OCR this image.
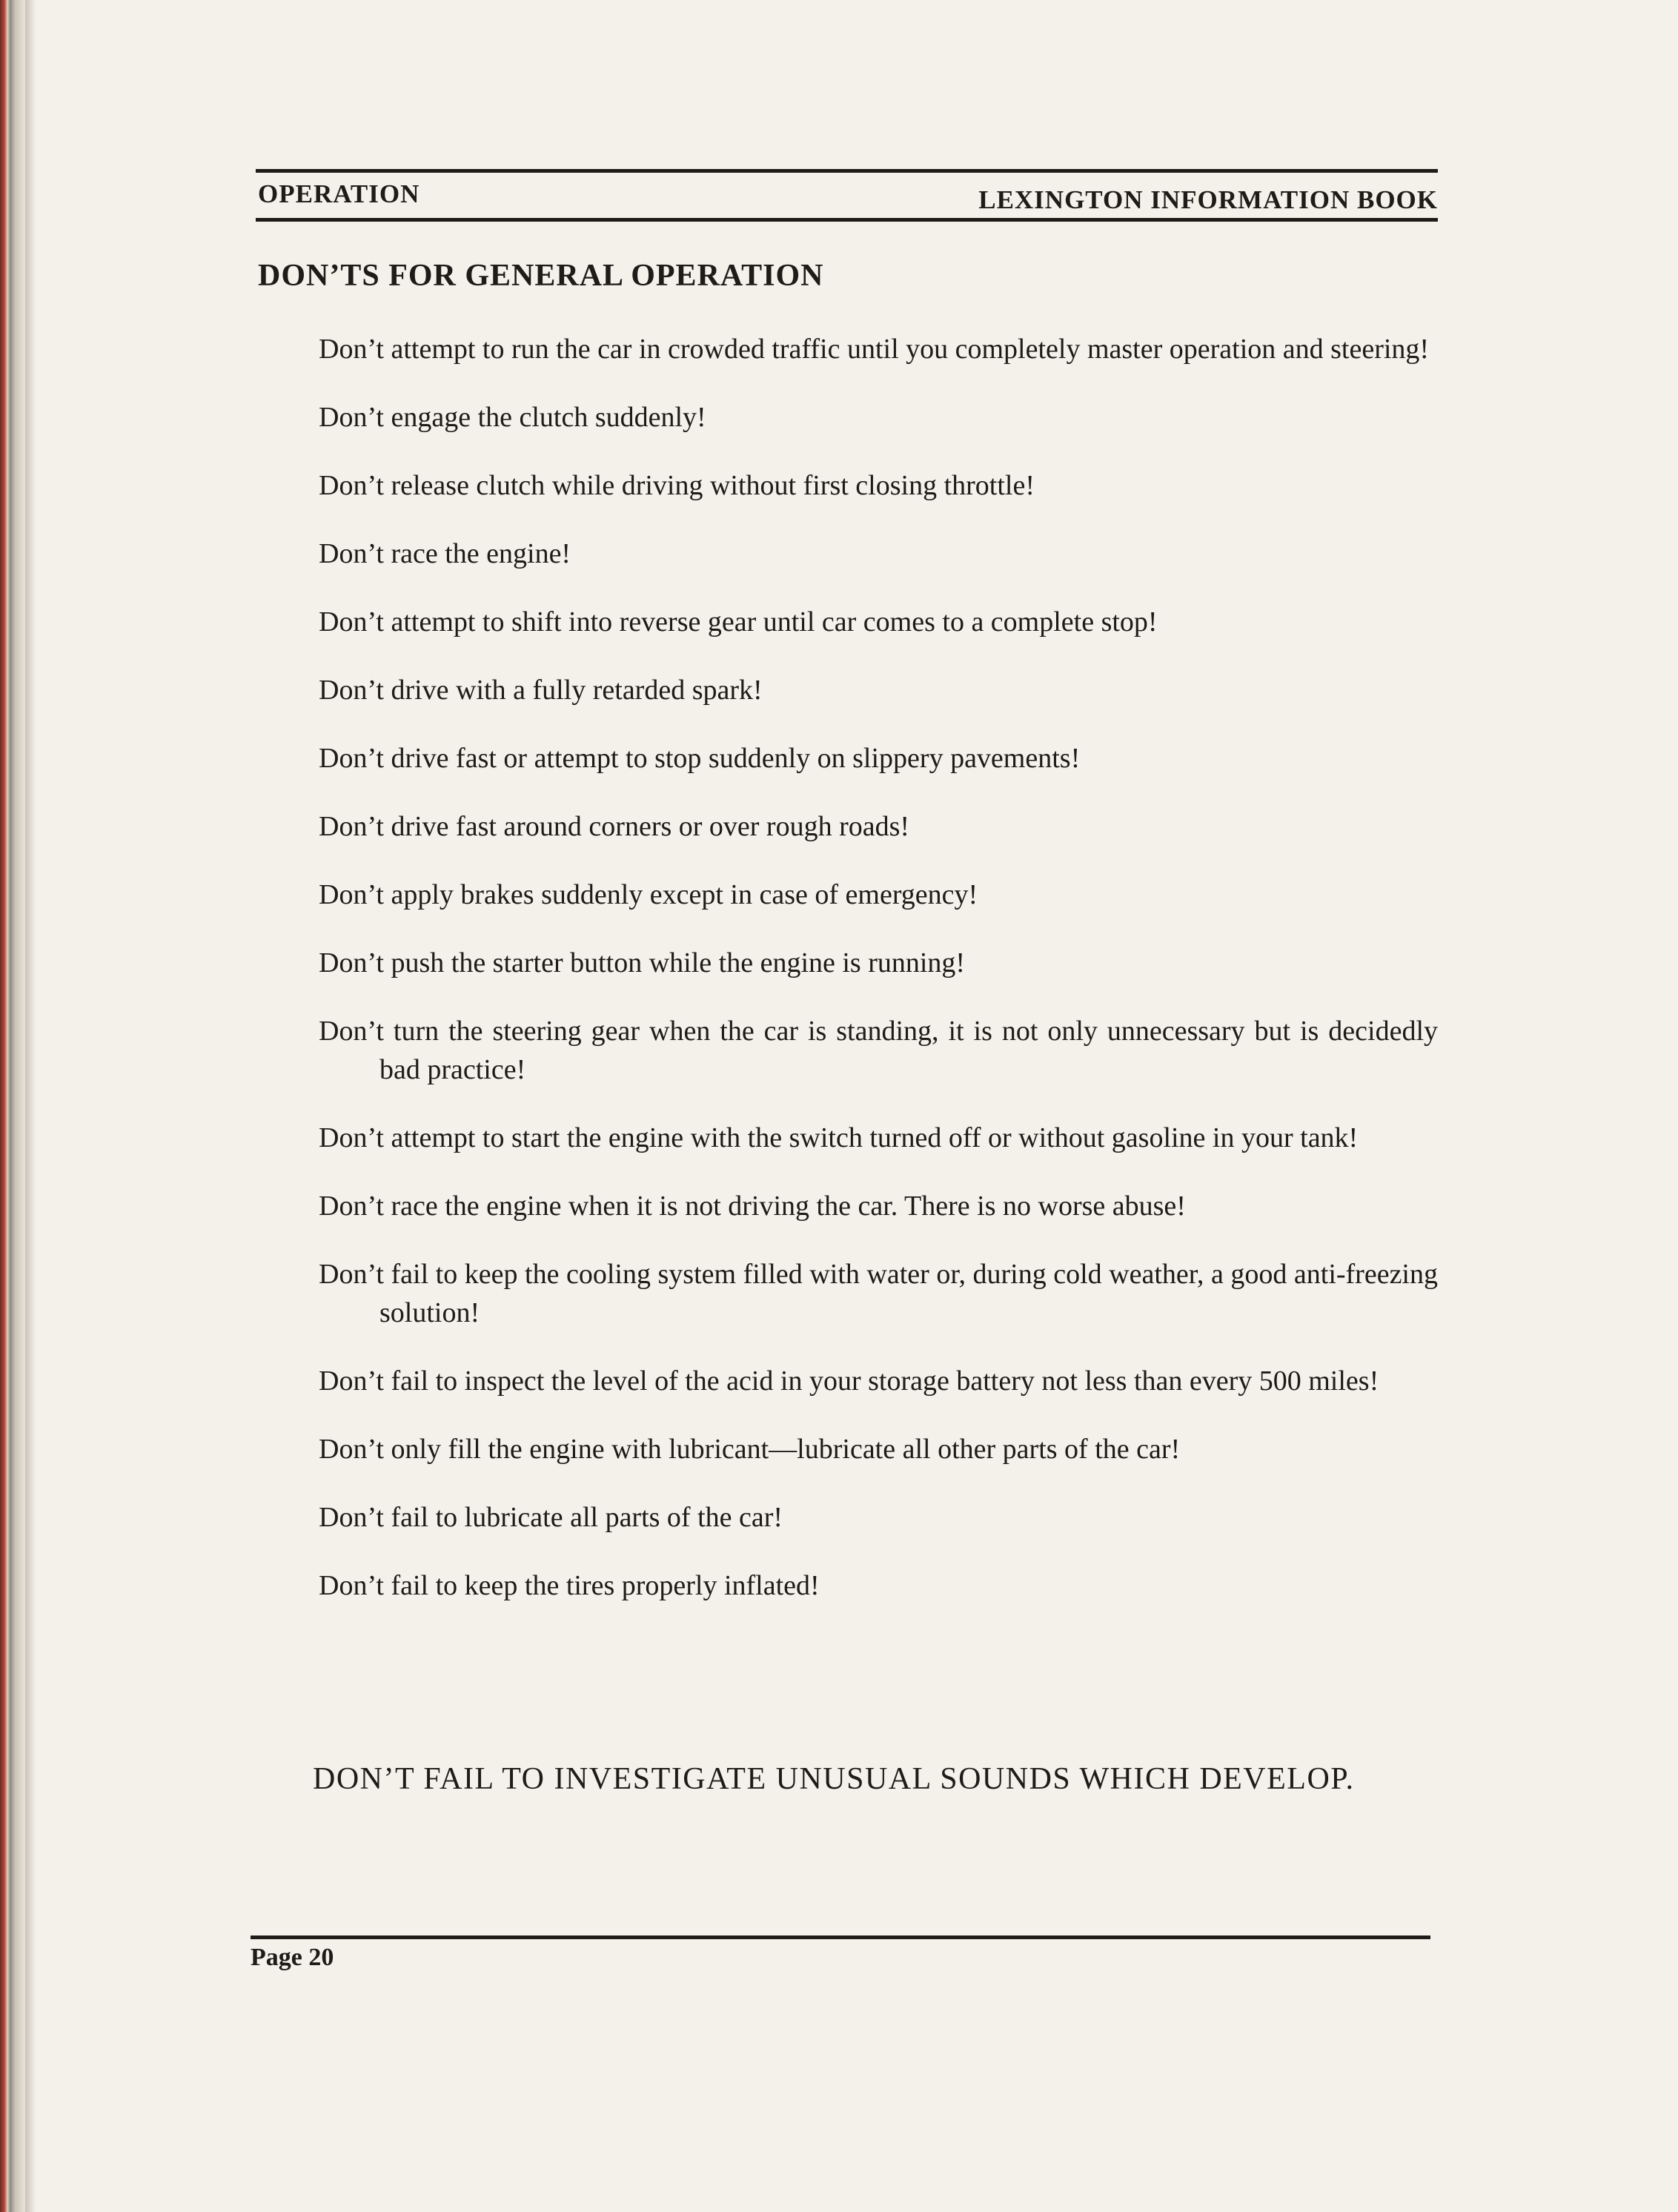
OPERATION	LEXINGTON INFORMATION BOOK
DON’TS FOR GENERAL OPERATION
Don’t attempt to run the car in crowded traffic until you completely master operation and steering!
Don’t engage the clutch suddenly!
Don’t release clutch while driving without first closing throttle!
Don’t race the engine!
Don’t attempt to shift into reverse gear until car comes to a complete stop!
Don’t drive with a fully retarded spark!
Don’t drive fast or attempt to stop suddenly on slippery pavements!
Don’t drive fast around corners or over rough roads!
Don’t apply brakes suddenly except in case of emergency!
Don’t push the starter button while the engine is running!
Don’t turn the steering gear when the car is standing, it is not only unnecessary but is decidedly bad practice!
Don’t attempt to start the engine with the switch turned off or without gasoline in your tank!
Don’t race the engine when it is not driving the car. There is no worse abuse!
Don’t fail to keep the cooling system filled with water or, during cold weather, a good anti-freezing solution!
Don’t fail to inspect the level of the acid in your storage battery not less than every 500 miles!
Don’t only fill the engine with lubricant—lubricate all other parts of the car!
Don’t fail to lubricate all parts of the car!
Don’t fail to keep the tires properly inflated!
DON’T FAIL TO INVESTIGATE UNUSUAL SOUNDS WHICH DEVELOP.
Page 20
